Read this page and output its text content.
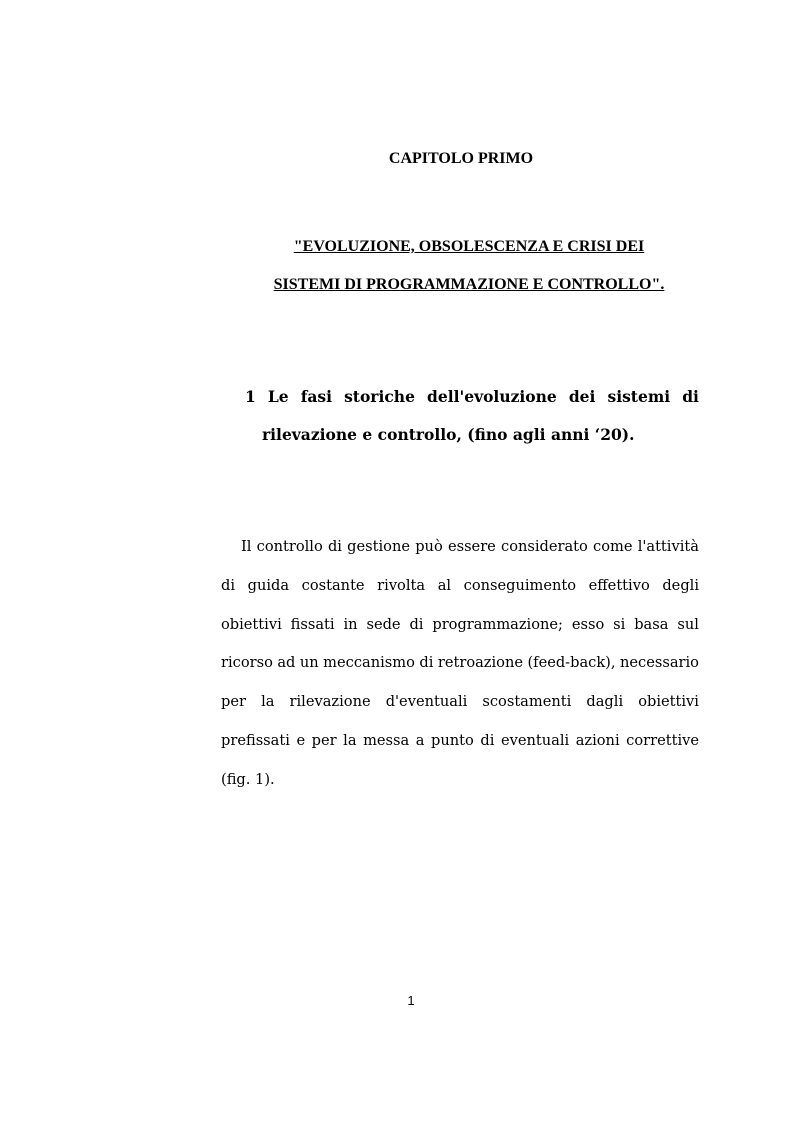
CAPITOLO PRIMO
"EVOLUZIONE, OBSOLESCENZA E CRISI DEI
SISTEMI DI PROGRAMMAZIONE E CONTROLLO".
1 Le fasi storiche dell'evoluzione dei sistemi di
rilevazione e controllo, (fino agli anni ‘20).
Il controllo di gestione può essere considerato come l'attività
di guida costante rivolta al conseguimento effettivo degli
obiettivi fissati in sede di programmazione; esso si basa sul
ricorso ad un meccanismo di retroazione (feed-back), necessario
per la rilevazione d'eventuali scostamenti dagli obiettivi
prefissati e per la messa a punto di eventuali azioni correttive
(fig. 1).
1
